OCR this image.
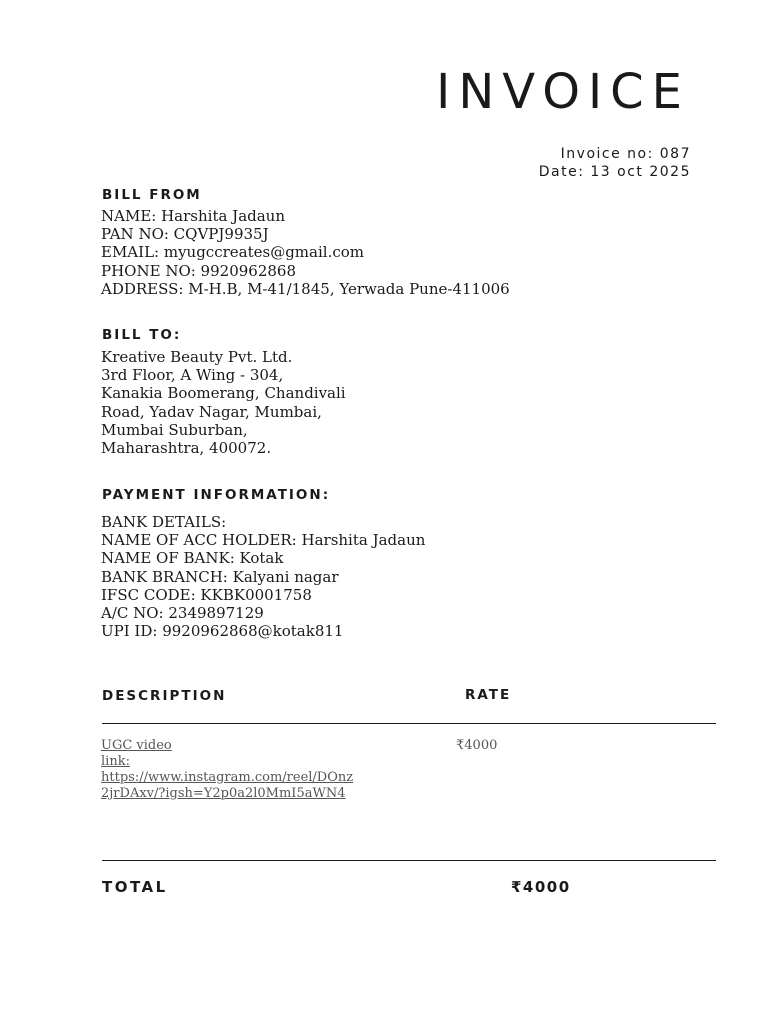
INVOICE
Invoice no: 087
Date: 13 oct 2025
BILL FROM
NAME: Harshita Jadaun
PAN NO: CQVPJ9935J
EMAIL: myugccreates@gmail.com
PHONE NO: 9920962868
ADDRESS: M-H.B, M-41/1845, Yerwada Pune-411006
BILL TO:
Kreative Beauty Pvt. Ltd.
3rd Floor, A Wing - 304,
Kanakia Boomerang, Chandivali
Road, Yadav Nagar, Mumbai,
Mumbai Suburban,
Maharashtra, 400072.
PAYMENT INFORMATION:
BANK DETAILS:
NAME OF ACC HOLDER: Harshita Jadaun
NAME OF BANK: Kotak
BANK BRANCH: Kalyani nagar
IFSC CODE: KKBK0001758
A/C NO: 2349897129
UPI ID: 9920962868@kotak811
DESCRIPTION	RATE
UGC video
link:
https://www.instagram.com/reel/DOnz
2jrDAxv/?igsh=Y2p0a2l0MmI5aWN4
₹4000
TOTAL	₹4000
